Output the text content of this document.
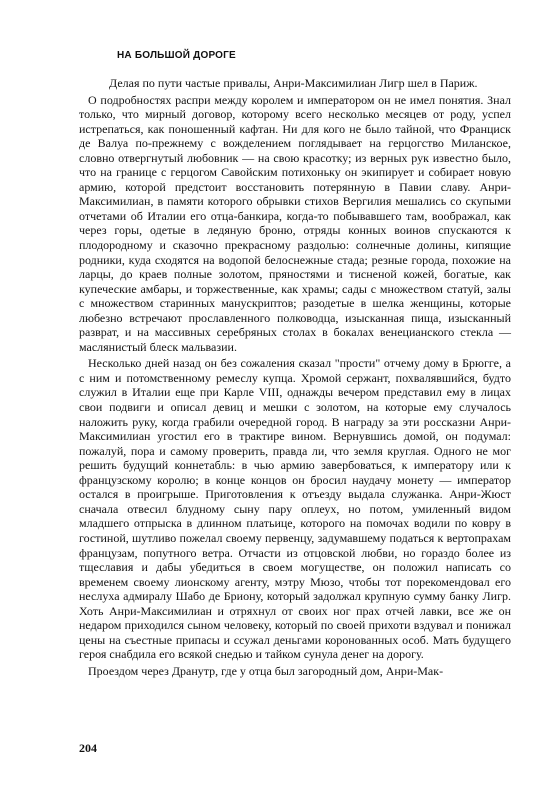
НА БОЛЬШОЙ ДОРОГЕ

Делая по пути частые привалы, Анри-Максимилиан Лигр шел в Париж.

О подробностях распри между королем и императором он не имел понятия. Знал только, что мирный договор, которому всего несколько месяцев от роду, успел истрепаться, как поношенный кафтан. Ни для кого не было тайной, что Франциск де Валуа по-прежнему с вожделением поглядывает на герцогство Миланское, словно отвергнутый любовник — на свою красотку; из верных рук известно было, что на границе с герцогом Савойским потихоньку он экипирует и собирает новую армию, которой предстоит восстановить потерянную в Павии славу. Анри-Максимилиан, в памяти которого обрывки стихов Вергилия мешались со скупыми отчетами об Италии его отца-банкира, когда-то побывавшего там, воображал, как через горы, одетые в ледяную броню, отряды конных воинов спускаются к плодородному и сказочно прекрасному раздолью: солнечные долины, кипящие родники, куда сходятся на водопой белоснежные стада; резные города, похожие на ларцы, до краев полные золотом, пряностями и тисненой кожей, богатые, как купеческие амбары, и торжественные, как храмы; сады с множеством статуй, залы с множеством старинных манускриптов; разодетые в шелка женщины, которые любезно встречают прославленного полководца, изысканная пища, изысканный разврат, и на массивных серебряных столах в бокалах венецианского стекла — маслянистый блеск мальвазии.

Несколько дней назад он без сожаления сказал "прости" отчему дому в Брюгге, а с ним и потомственному ремеслу купца. Хромой сержант, похвалявшийся, будто служил в Италии еще при Карле VIII, однажды вечером представил ему в лицах свои подвиги и описал девиц и мешки с золотом, на которые ему случалось наложить руку, когда грабили очередной город. В награду за эти россказни Анри-Максимилиан угостил его в трактире вином. Вернувшись домой, он подумал: пожалуй, пора и самому проверить, правда ли, что земля круглая. Одного не мог решить будущий коннетабль: в чью армию завербоваться, к императору или к французскому королю; в конце концов он бросил наудачу монету — император остался в проигрыше. Приготовления к отъезду выдала служанка. Анри-Жюст сначала отвесил блудному сыну пару оплеух, но потом, умиленный видом младшего отпрыска в длинном платьице, которого на помочах водили по ковру в гостиной, шутливо пожелал своему первенцу, задумавшему податься к вертопрахам французам, попутного ветра. Отчасти из отцовской любви, но гораздо более из тщеславия и дабы убедиться в своем могуществе, он положил написать со временем своему лионскому агенту, мэтру Мюзо, чтобы тот порекомендовал его неслуха адмиралу Шабо де Бриону, который задолжал крупную сумму банку Лигр. Хоть Анри-Максимилиан и отряхнул от своих ног прах отчей лавки, все же он недаром приходился сыном человеку, который по своей прихоти вздувал и понижал цены на съестные припасы и ссужал деньгами коронованных особ. Мать будущего героя снабдила его всякой снедью и тайком сунула денег на дорогу.

Проездом через Дранутр, где у отца был загородный дом, Анри-Мак-

204
